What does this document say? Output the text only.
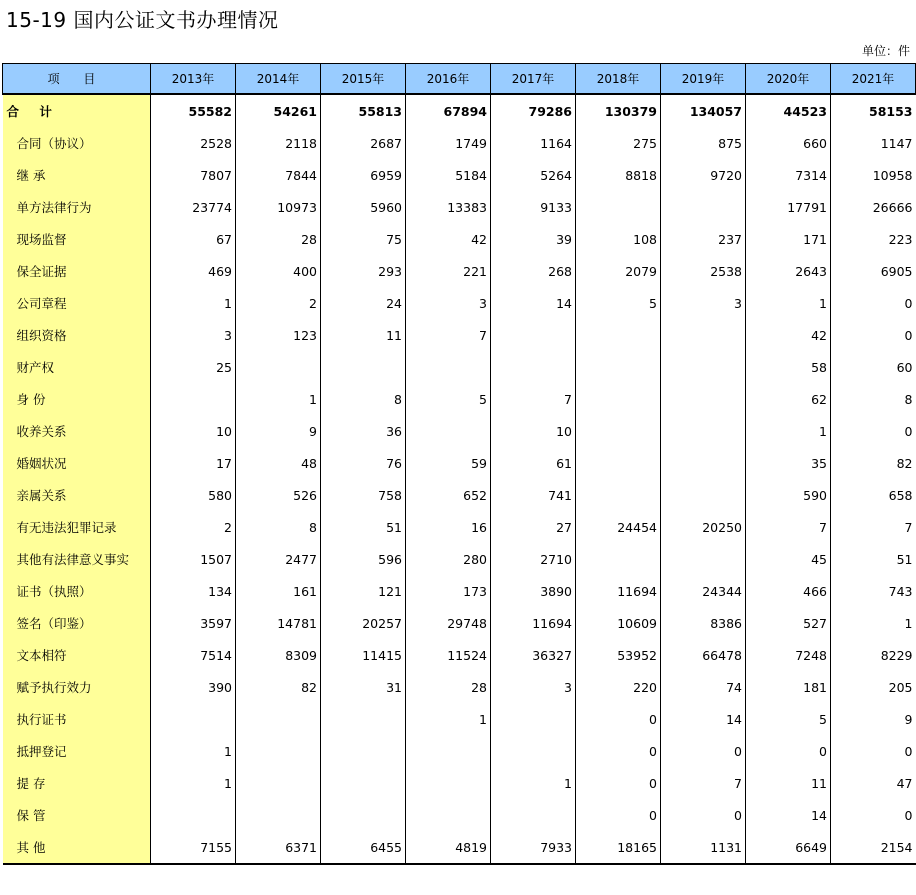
15-19 国内公证文书办理情况
单位：件
项 目	2013年	2014年	2015年	2016年	2017年	2018年	2019年	2020年	2021年
合 计	55582	54261	55813	67894	79286	130379	134057	44523	58153
合同（协议）	2528	2118	2687	1749	1164	275	875	660	1147
继 承	7807	7844	6959	5184	5264	8818	9720	7314	10958
单方法律行为	23774	10973	5960	13383	9133			17791	26666
现场监督	67	28	75	42	39	108	237	171	223
保全证据	469	400	293	221	268	2079	2538	2643	6905
公司章程	1	2	24	3	14	5	3	1	0
组织资格	3	123	11	7				42	0
财产权	25							58	60
身 份		1	8	5	7			62	8
收养关系	10	9	36		10			1	0
婚姻状况	17	48	76	59	61			35	82
亲属关系	580	526	758	652	741			590	658
有无违法犯罪记录	2	8	51	16	27	24454	20250	7	7
其他有法律意义事实	1507	2477	596	280	2710			45	51
证书（执照）	134	161	121	173	3890	11694	24344	466	743
签名（印鉴）	3597	14781	20257	29748	11694	10609	8386	527	1
文本相符	7514	8309	11415	11524	36327	53952	66478	7248	8229
赋予执行效力	390	82	31	28	3	220	74	181	205
执行证书				1		0	14	5	9
抵押登记	1					0	0	0	0
提 存	1				1	0	7	11	47
保 管						0	0	14	0
其 他	7155	6371	6455	4819	7933	18165	1131	6649	2154
